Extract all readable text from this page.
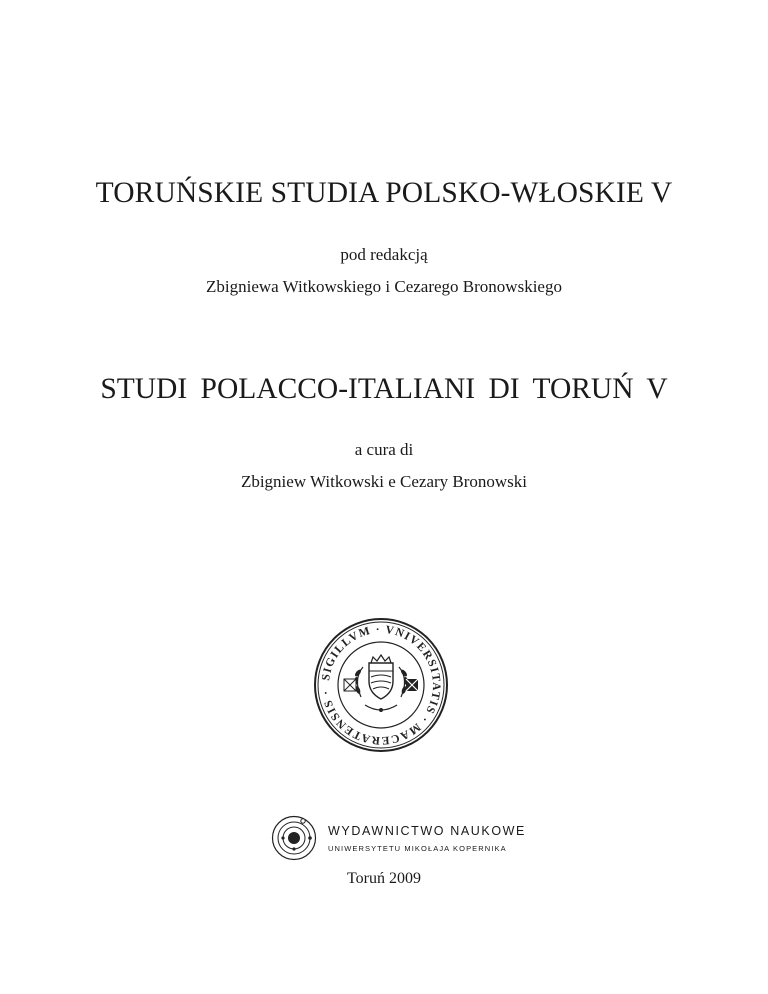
TORUŃSKIE STUDIA POLSKO-WŁOSKIE V
pod redakcją
Zbigniewa Witkowskiego i Cezarego Bronowskiego
STUDI POLACCO-ITALIANI DI TORUŃ V
a cura di
Zbigniew Witkowski e Cezary Bronowski
SIGILLVM · VNIVERSITATIS · MACERATENSIS ·
WYDAWNICTWO NAUKOWE
UNIWERSYTETU MIKOŁAJA KOPERNIKA
Toruń 2009
